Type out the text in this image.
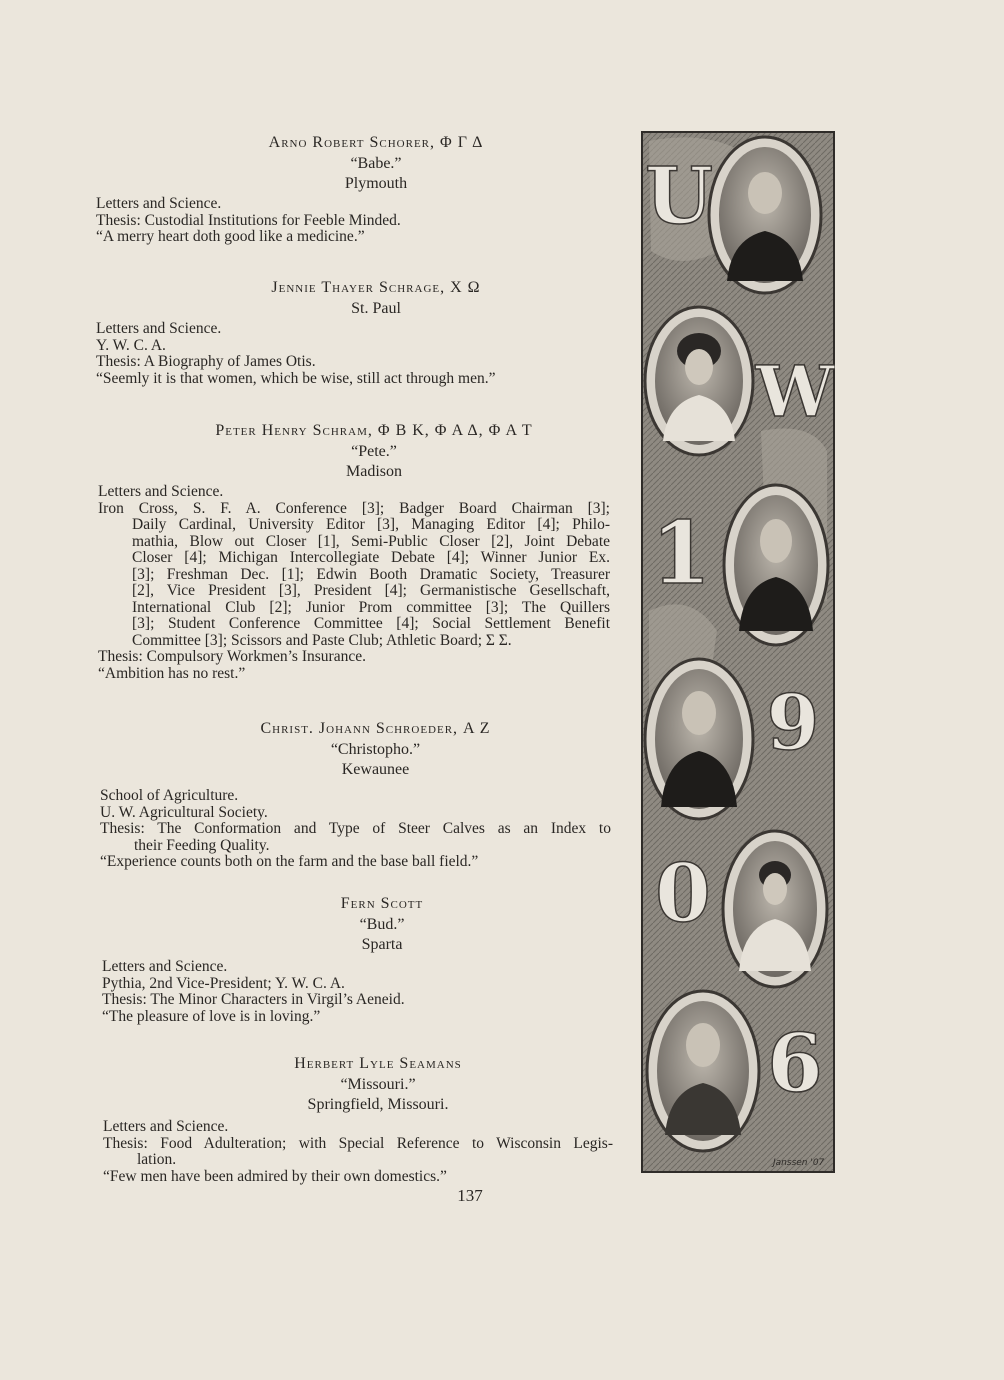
Arno Robert Schorer, Φ Γ Δ
“Babe.”
Plymouth
Letters and Science.
Thesis: Custodial Institutions for Feeble Minded.
“A merry heart doth good like a medicine.”
Jennie Thayer Schrage, Χ Ω
St. Paul
Letters and Science.
Y. W. C. A.
Thesis: A Biography of James Otis.
“Seemly it is that women, which be wise, still act through men.”
Peter Henry Schram, Φ Β Κ, Φ Α Δ, Φ Α Τ
“Pete.”
Madison
Letters and Science.
Iron Cross, S. F. A. Conference [3]; Badger Board Chairman [3];
Daily Cardinal, University Editor [3], Managing Editor [4]; Philo-
mathia, Blow out Closer [1], Semi-Public Closer [2], Joint Debate
Closer [4]; Michigan Intercollegiate Debate [4]; Winner Junior Ex.
[3]; Freshman Dec. [1]; Edwin Booth Dramatic Society, Treasurer
[2], Vice President [3], President [4]; Germanistische Gesellschaft,
International Club [2]; Junior Prom committee [3]; The Quillers
[3]; Student Conference Committee [4]; Social Settlement Benefit
Committee [3]; Scissors and Paste Club; Athletic Board; Σ Σ.
Thesis: Compulsory Workmen’s Insurance.
“Ambition has no rest.”
Christ. Johann Schroeder, Α Ζ
“Christopho.”
Kewaunee
School of Agriculture.
U. W. Agricultural Society.
Thesis: The Conformation and Type of Steer Calves as an Index to
their Feeding Quality.
“Experience counts both on the farm and the base ball field.”
Fern Scott
“Bud.”
Sparta
Letters and Science.
Pythia, 2nd Vice-President; Y. W. C. A.
Thesis: The Minor Characters in Virgil’s Aeneid.
“The pleasure of love is in loving.”
Herbert Lyle Seamans
“Missouri.”
Springfield, Missouri.
Letters and Science.
Thesis: Food Adulteration; with Special Reference to Wisconsin Legis-
lation.
“Few men have been admired by their own domestics.”
137
U
W
1
9
0
6
Janssen '07
